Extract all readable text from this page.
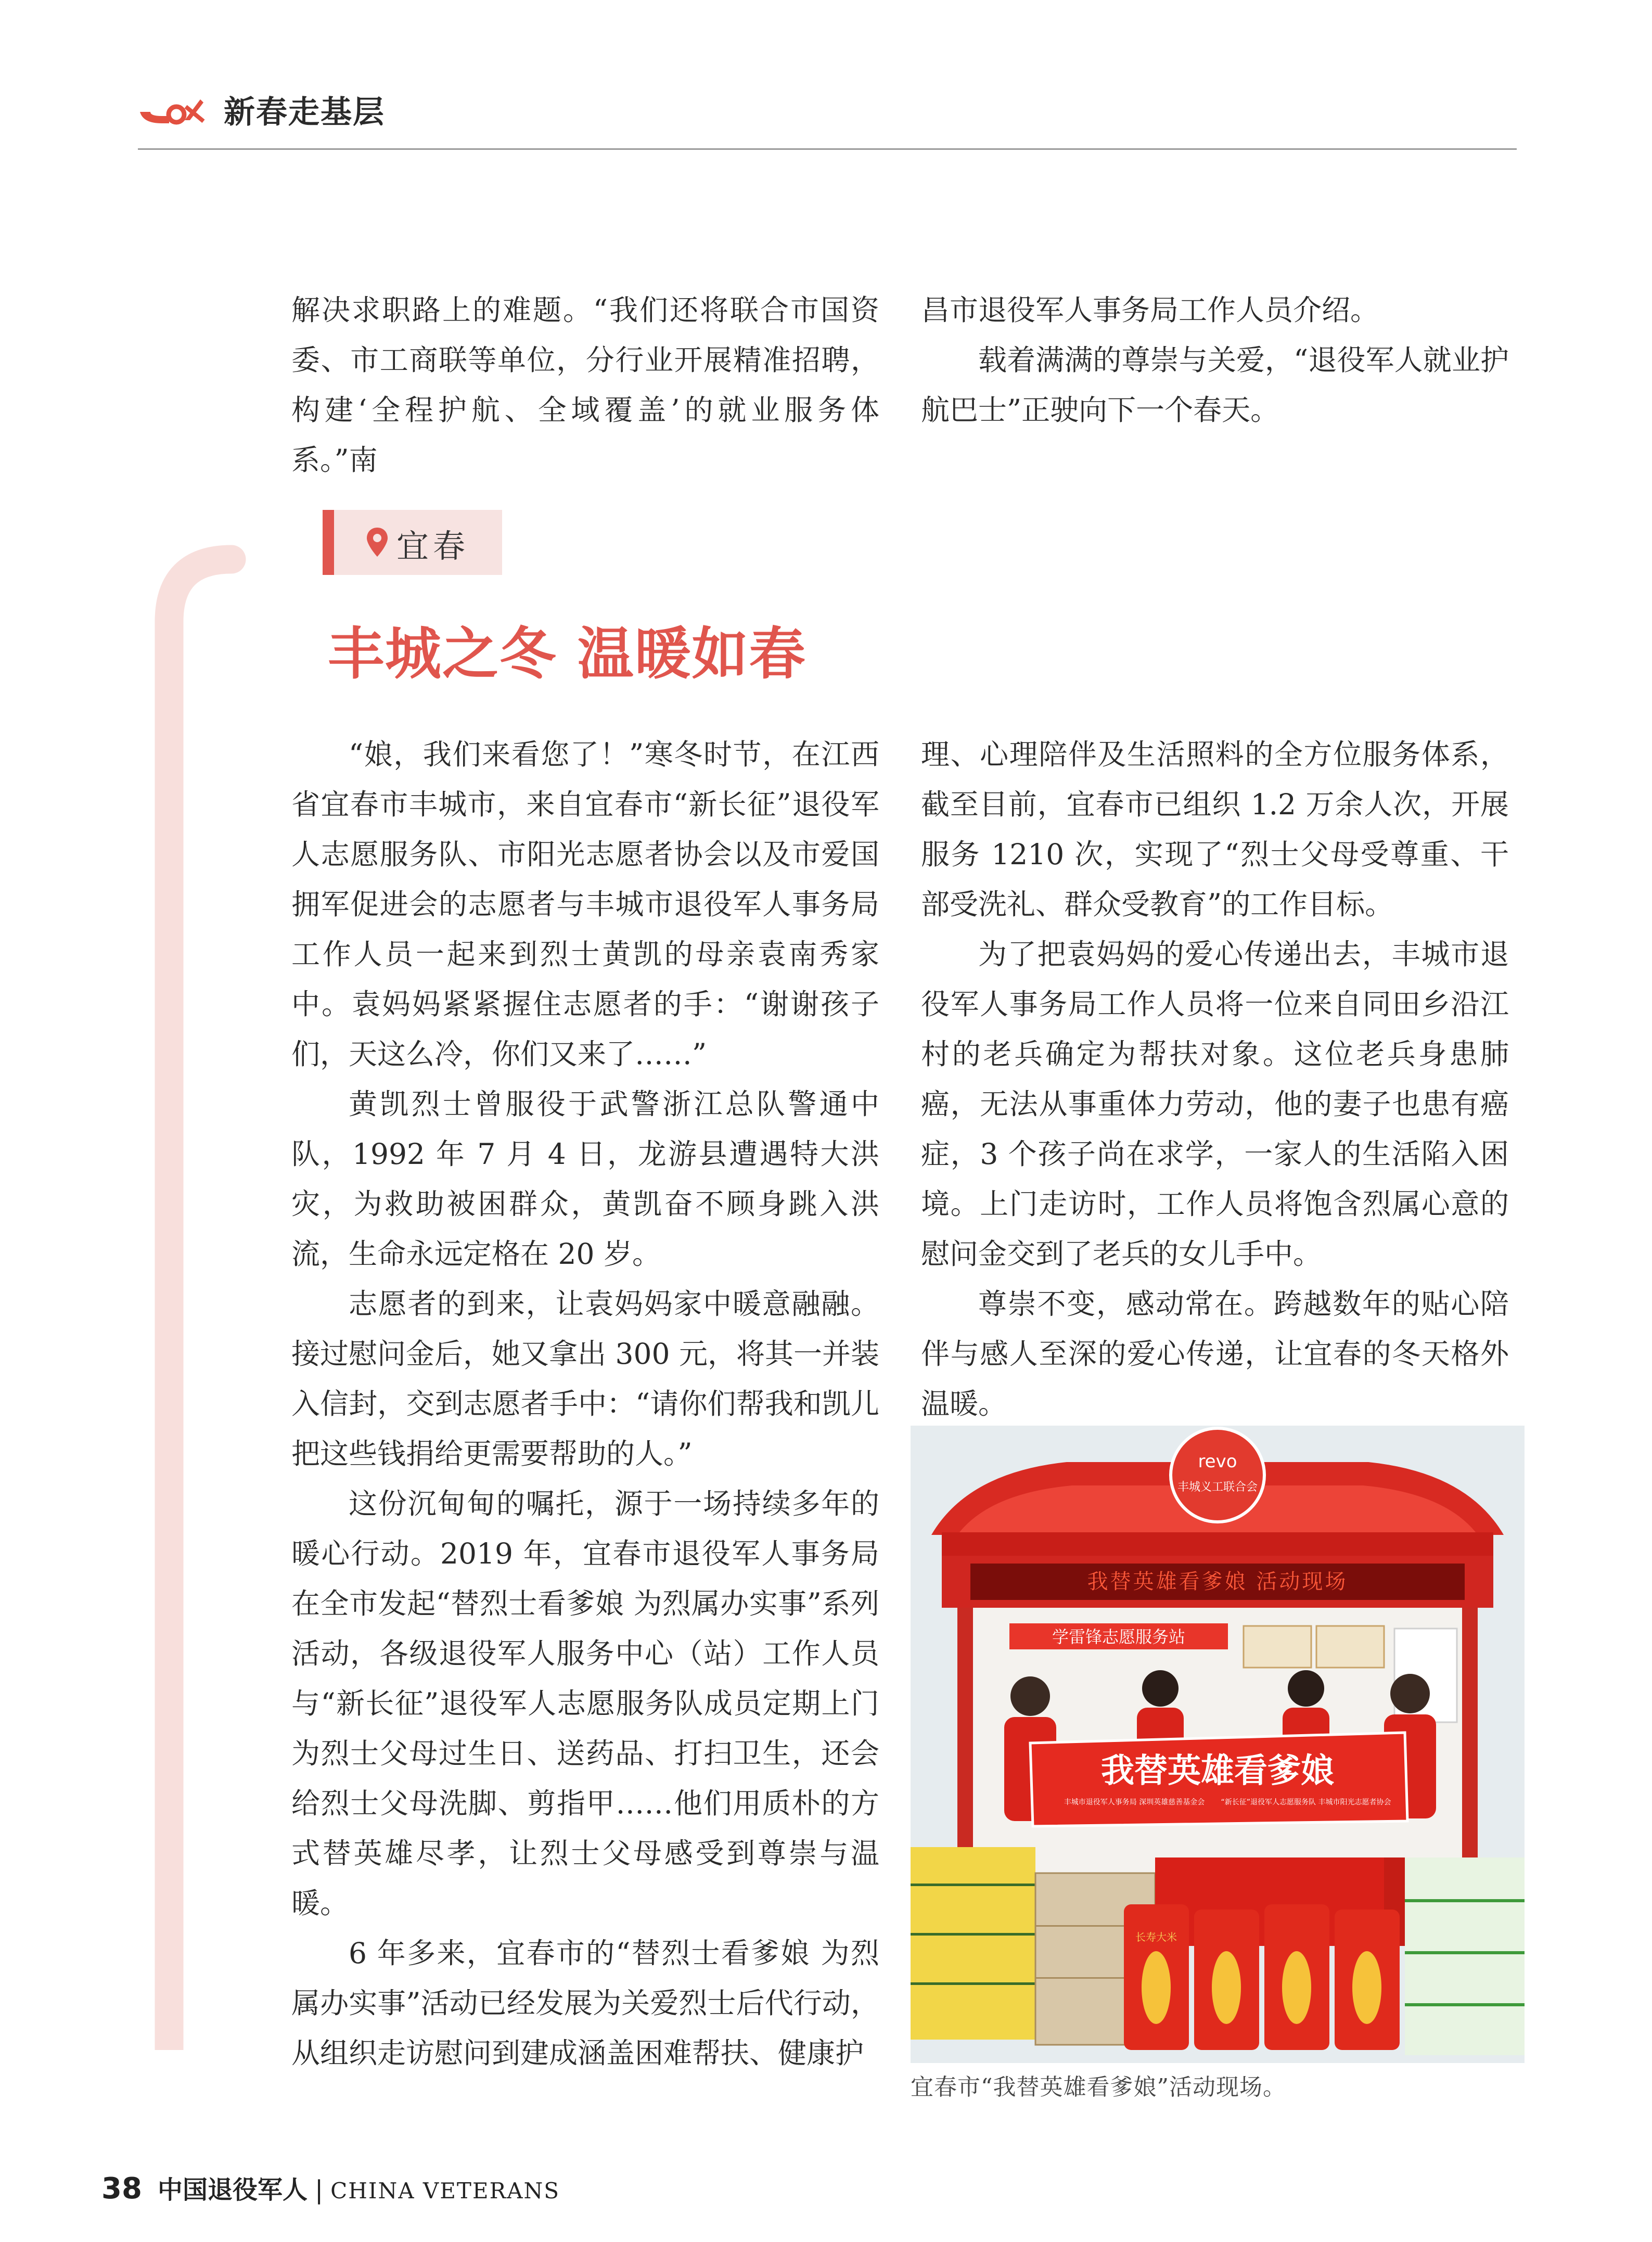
新春走基层

解决求职路上的难题。“我们还将联合市国资委、市工商联等单位，分行业开展精准招聘，构建‘全程护航、全域覆盖’的就业服务体系。”南

昌市退役军人事务局工作人员介绍。

载着满满的尊崇与关爱，“退役军人就业护航巴士”正驶向下一个春天。

宜春
丰城之冬 温暖如春

“娘，我们来看您了！”寒冬时节，在江西省宜春市丰城市，来自宜春市“新长征”退役军人志愿服务队、市阳光志愿者协会以及市爱国拥军促进会的志愿者与丰城市退役军人事务局工作人员一起来到烈士黄凯的母亲袁南秀家中。袁妈妈紧紧握住志愿者的手：“谢谢孩子们，天这么冷，你们又来了……”

黄凯烈士曾服役于武警浙江总队警通中队，1992 年 7 月 4 日，龙游县遭遇特大洪灾，为救助被困群众，黄凯奋不顾身跳入洪流，生命永远定格在 20 岁。

志愿者的到来，让袁妈妈家中暖意融融。接过慰问金后，她又拿出 300 元，将其一并装入信封，交到志愿者手中：“请你们帮我和凯儿把这些钱捐给更需要帮助的人。”

这份沉甸甸的嘱托，源于一场持续多年的暖心行动。2019 年，宜春市退役军人事务局在全市发起“替烈士看爹娘 为烈属办实事”系列活动，各级退役军人服务中心（站）工作人员与“新长征”退役军人志愿服务队成员定期上门为烈士父母过生日、送药品、打扫卫生，还会给烈士父母洗脚、剪指甲……他们用质朴的方式替英雄尽孝，让烈士父母感受到尊崇与温暖。

6 年多来，宜春市的“替烈士看爹娘 为烈属办实事”活动已经发展为关爱烈士后代行动，从组织走访慰问到建成涵盖困难帮扶、健康护

理、心理陪伴及生活照料的全方位服务体系，截至目前，宜春市已组织 1.2 万余人次，开展服务 1210 次，实现了“烈士父母受尊重、干部受洗礼、群众受教育”的工作目标。

为了把袁妈妈的爱心传递出去，丰城市退役军人事务局工作人员将一位来自同田乡沿江村的老兵确定为帮扶对象。这位老兵身患肺癌，无法从事重体力劳动，他的妻子也患有癌症，3 个孩子尚在求学，一家人的生活陷入困境。上门走访时，工作人员将饱含烈属心意的慰问金交到了老兵的女儿手中。

尊崇不变，感动常在。跨越数年的贴心陪伴与感人至深的爱心传递，让宜春的冬天格外温暖。

revo
丰城义工联合会
我替英雄看爹娘 活动现场
学雷锋志愿服务站
我替英雄看爹娘
丰城市退役军人事务局 深圳英雄慈善基金会 “新长征”退役军人志愿服务队 丰城市阳光志愿者协会
长寿大米
宜春市“我替英雄看爹娘”活动现场。
38 中国退役军人 | CHINA VETERANS
